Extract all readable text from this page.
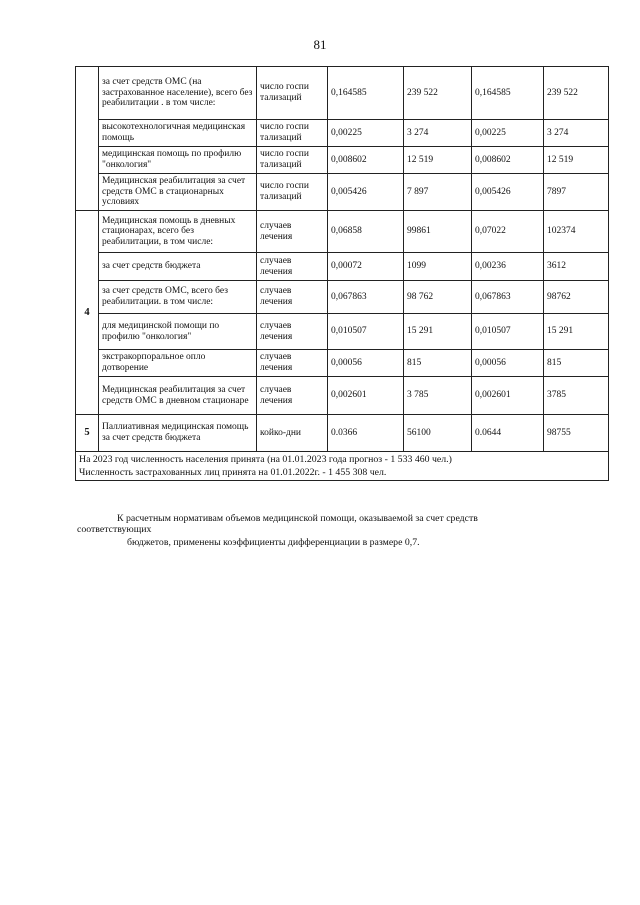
81
	за счет средств ОМС (на застрахованное население), всего без реабилитации . в том числе:	число госпи тализаций	0,164585	239 522	0,164585	239 522
	высокотехнологичная медицинская помощь	число госпи тализаций	0,00225	3 274	0,00225	3 274
	медицинская помощь по профилю "онкология"	число госпи тализаций	0,008602	12 519	0,008602	12 519
	Медицинская реабилитация за счет средств ОМС в стационарных условиях	число госпи тализаций	0,005426	7 897	0,005426	7897
4	Медицинская помощь в дневных стационарах, всего без реабилитации, в том числе:	случаев лечения	0,06858	99861	0,07022	102374
	за счет средств бюджета	случаев лечения	0,00072	1099	0,00236	3612
	за счет средств ОМС, всего без реабилитации. в том числе:	случаев лечения	0,067863	98 762	0,067863	98762
	для медицинской помощи по профилю "онкология"	случаев лечения	0,010507	15 291	0,010507	15 291
	экстракорпоральное опло дотворение	случаев лечения	0,00056	815	0,00056	815
	Медицинская реабилитация за счет средств ОМС в дневном стационаре	случаев лечения	0,002601	3 785	0,002601	3785
5	Паллиативная медицинская помощь за счет средств бюджета	койко-дни	0.0366	56100	0.0644	98755

На 2023 год численность населения принята (на 01.01.2023 года прогноз - 1 533 460 чел.)
Численность застрахованных лиц принята на 01.01.2022г. - 1 455 308 чел.						
К расчетным нормативам объемов медицинской помощи, оказываемой за счет средств
соответствующих
бюджетов, применены коэффициенты дифференциации в размере 0,7.
